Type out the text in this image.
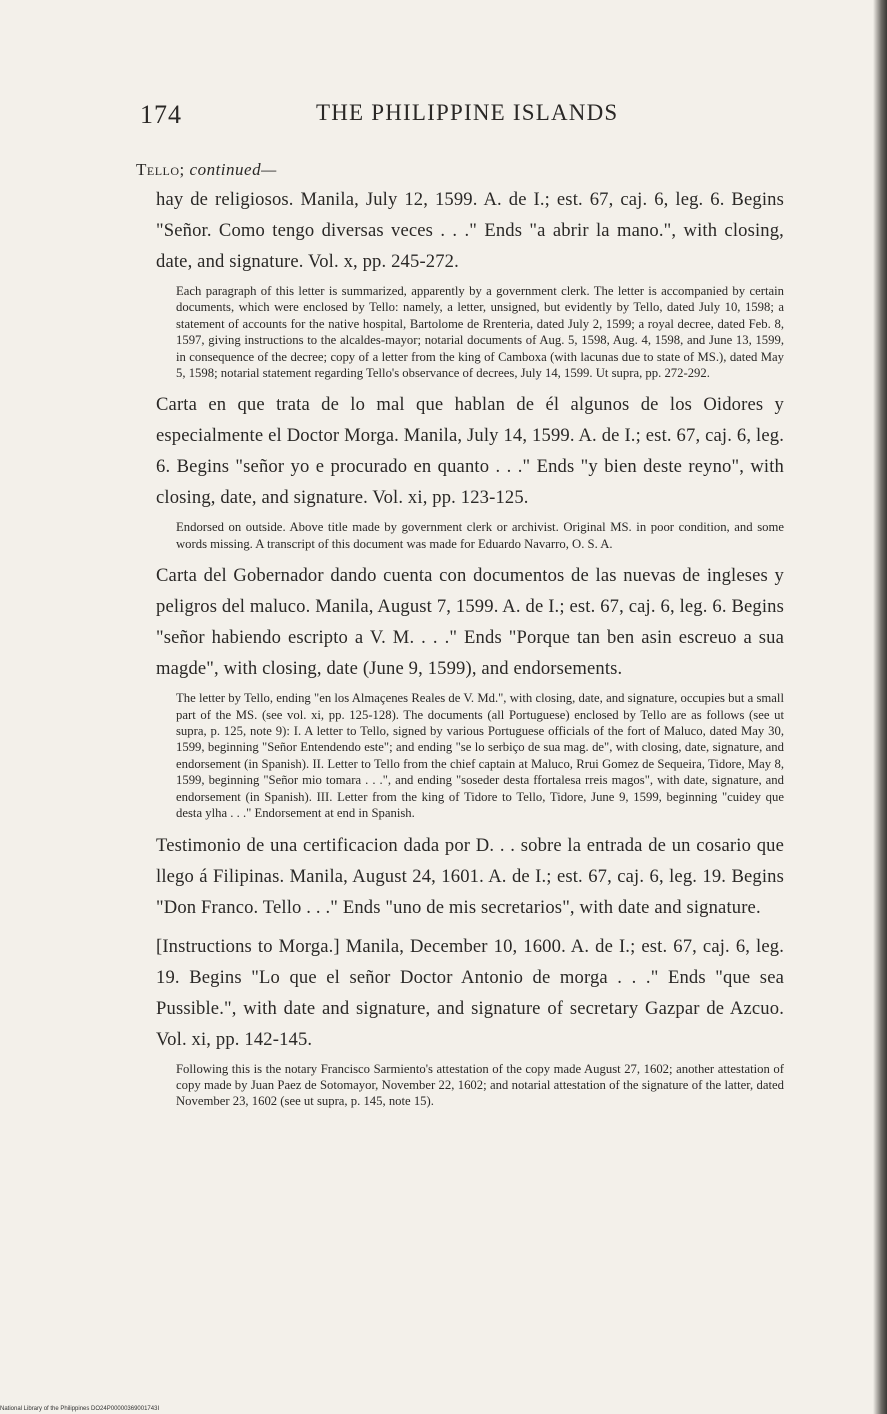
174	THE PHILIPPINE ISLANDS
Tello; continued—

hay de religiosos. Manila, July 12, 1599. A. de I.; est. 67, caj. 6, leg. 6. Begins "Señor. Como tengo diversas veces . . ." Ends "a abrir la mano.", with closing, date, and signature. Vol. x, pp. 245-272.

Each paragraph of this letter is summarized, apparently by a government clerk. The letter is accompanied by certain documents, which were enclosed by Tello: namely, a letter, unsigned, but evidently by Tello, dated July 10, 1598; a statement of accounts for the native hospital, Bartolome de Rrenteria, dated July 2, 1599; a royal decree, dated Feb. 8, 1597, giving instructions to the alcaldes-mayor; notarial documents of Aug. 5, 1598, Aug. 4, 1598, and June 13, 1599, in consequence of the decree; copy of a letter from the king of Camboxa (with lacunas due to state of MS.), dated May 5, 1598; notarial statement regarding Tello's observance of decrees, July 14, 1599. Ut supra, pp. 272-292.

Carta en que trata de lo mal que hablan de él algunos de los Oidores y especialmente el Doctor Morga. Manila, July 14, 1599. A. de I.; est. 67, caj. 6, leg. 6. Begins "señor yo e procurado en quanto . . ." Ends "y bien deste reyno", with closing, date, and signature. Vol. xi, pp. 123-125.

Endorsed on outside. Above title made by government clerk or archivist. Original MS. in poor condition, and some words missing. A transcript of this document was made for Eduardo Navarro, O. S. A.

Carta del Gobernador dando cuenta con documentos de las nuevas de ingleses y peligros del maluco. Manila, August 7, 1599. A. de I.; est. 67, caj. 6, leg. 6. Begins "señor habiendo escripto a V. M. . . ." Ends "Porque tan ben asin escreuo a sua magde", with closing, date (June 9, 1599), and endorsements.

The letter by Tello, ending "en los Almaçenes Reales de V. Md.", with closing, date, and signature, occupies but a small part of the MS. (see vol. xi, pp. 125-128). The documents (all Portuguese) enclosed by Tello are as follows (see ut supra, p. 125, note 9): I. A letter to Tello, signed by various Portuguese officials of the fort of Maluco, dated May 30, 1599, beginning "Señor Entendendo este"; and ending "se lo serbiço de sua mag. de", with closing, date, signature, and endorsement (in Spanish). II. Letter to Tello from the chief captain at Maluco, Rrui Gomez de Sequeira, Tidore, May 8, 1599, beginning "Señor mio tomara . . .", and ending "soseder desta ffortalesa rreis magos", with date, signature, and endorsement (in Spanish). III. Letter from the king of Tidore to Tello, Tidore, June 9, 1599, beginning "cuidey que desta ylha . . ." Endorsement at end in Spanish.

Testimonio de una certificacion dada por D. . . sobre la entrada de un cosario que llego á Filipinas. Manila, August 24, 1601. A. de I.; est. 67, caj. 6, leg. 19. Begins "Don Franco. Tello . . ." Ends "uno de mis secretarios", with date and signature.

[Instructions to Morga.] Manila, December 10, 1600. A. de I.; est. 67, caj. 6, leg. 19. Begins "Lo que el señor Doctor Antonio de morga . . ." Ends "que sea Pussible.", with date and signature, and signature of secretary Gazpar de Azcuo. Vol. xi, pp. 142-145.

Following this is the notary Francisco Sarmiento's attestation of the copy made August 27, 1602; another attestation of copy made by Juan Paez de Sotomayor, November 22, 1602; and notarial attestation of the signature of the latter, dated November 23, 1602 (see ut supra, p. 145, note 15).

National Library of the Philippines DO24P00000369001743I
